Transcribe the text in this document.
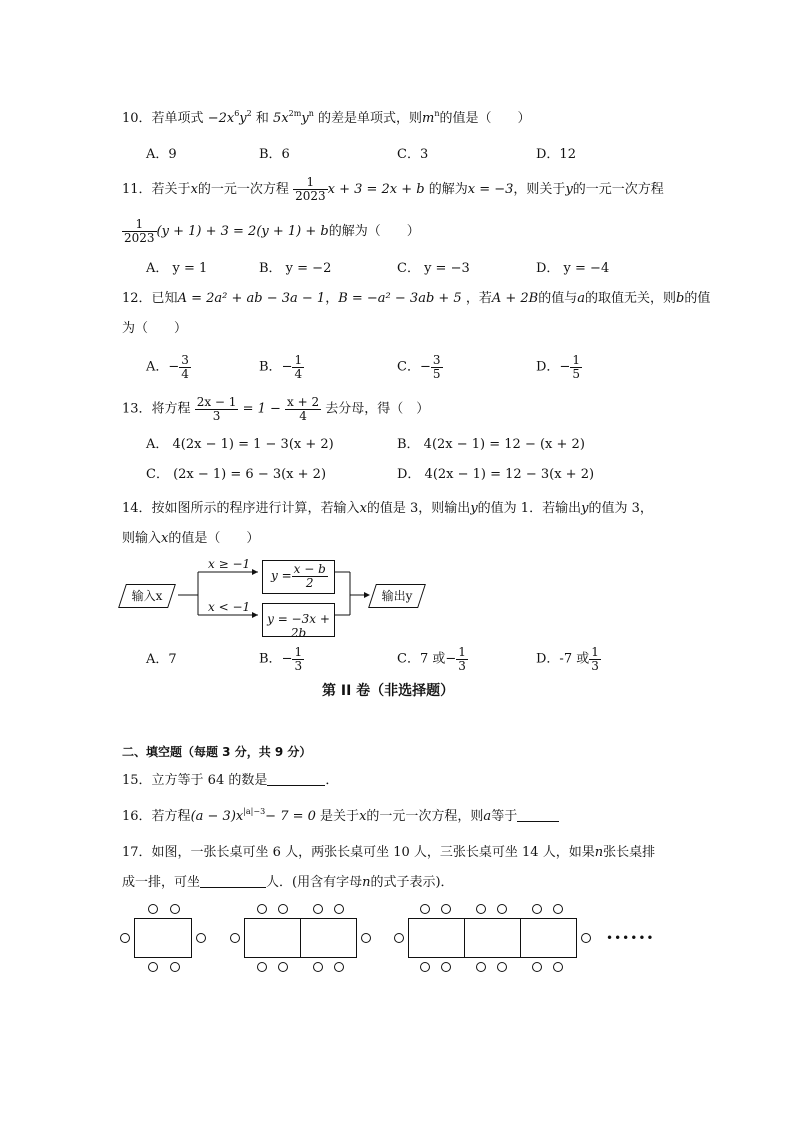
10．若单项式 $-2x^6y^2$ 和 $5x^{2m}y^n$ 的差是单项式，则$m^n$的值是（　　）
A．9	B．6	C．3	D．12
11．若关于x的一元一次方程 $\frac{1}{2023}$ x + 3 = 2x + b 的解为x = −3，则关于y的一元一次方程
$\frac{1}{2023} (y + 1) + 3 = 2(y + 1) + b$的解为（　　）
A． y = 1	B． y = −2	C． y = −3	D． y = −4
12．已知A = 2a² + ab − 3a − 1，B = −a² − 3ab + 5 ，若A + 2B的值与a的取值无关，则b的值
为（　　）
A．− $\frac{3}{4}$	B．− $\frac{1}{4}$	C．− $\frac{3}{5}$	D．− $\frac{1}{5}$
13．将方程 $\frac{2x - 1}{3} = 1 - \frac{x + 2}{4}$ 去分母，得（　）
A． 4(2x − 1) = 1 − 3(x + 2)	B． 4(2x − 1) = 12 − (x + 2)
C． (2x − 1) = 6 − 3(x + 2)	D． 4(2x − 1) = 12 − 3(x + 2)
14．按如图所示的程序进行计算，若输入x的值是 3，则输出y的值为 1．若输出y的值为 3，
则输入x的值是（　　）
输入x
x ≥ −1
x < −1
$y = \frac{x - b}{2}$
y = −3x + 2b
输出y
A．7	B．− $\frac{1}{3}$	C．7 或− $\frac{1}{3}$	D．-7 或 $\frac{1}{3}$
第 II 卷（非选择题）
二、填空题（每题 3 分，共 9 分）
15．立方等于 64 的数是	．
16．若方程$(a - 3)x^{|a|-3}- 7 = 0$ 是关于x的一元一次方程，则a等于
17．如图，一张长桌可坐 6 人，两张长桌可坐 10 人，三张长桌可坐 14 人，如果n张长桌排
成一排，可坐	人．(用含有字母n的式子表示)．
••••••
